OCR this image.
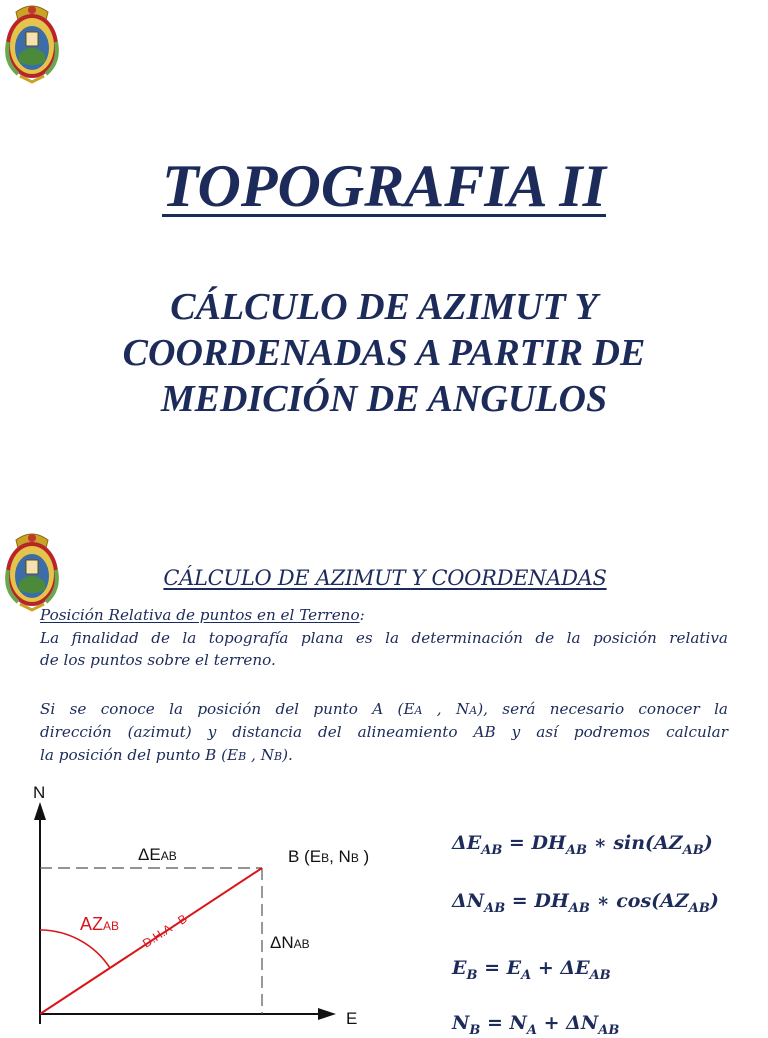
TOPOGRAFIA II
CÁLCULO DE AZIMUT Y
COORDENADAS A PARTIR DE
MEDICIÓN DE ANGULOS
CÁLCULO DE AZIMUT Y COORDENADAS
Posición Relativa de puntos en el Terreno:
La finalidad de la topografía plana es la determinación de la posición relativa
de los puntos sobre el terreno.
Si se conoce la posición del punto A (EA , NA), será necesario conocer la
dirección (azimut) y distancia del alineamiento AB y así podremos calcular
la posición del punto B (EB , NB).
N
E
ΔEAB	B (EB, NB )
ΔNAB
AZAB D.H.A - B
$\Delta E_{AB} = DH_{AB}$ ∗ $\sin(AZ_{AB})$
$\Delta N_{AB} = DH_{AB}$ ∗ $\cos(AZ_{AB})$
$E_B = E_A + \Delta E_{AB}$
$N_B = N_A + \Delta N_{AB}$
